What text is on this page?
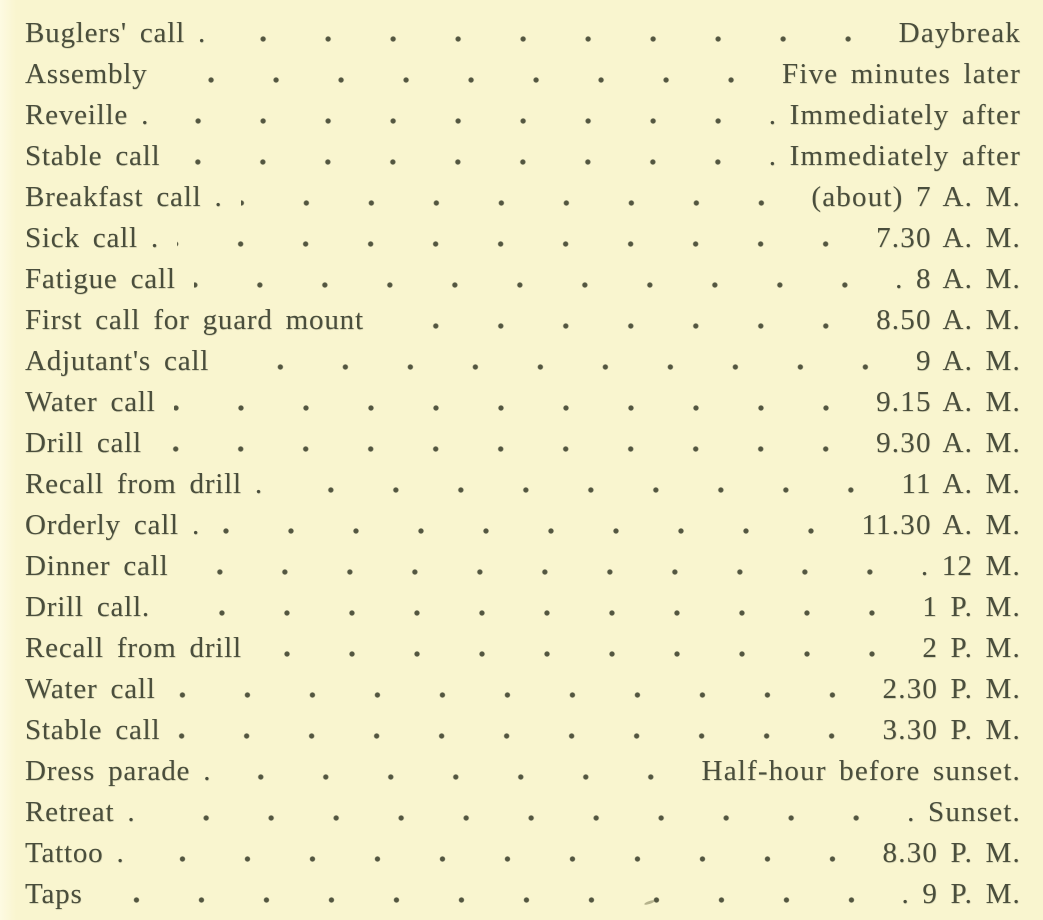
Buglers' call .	Daybreak
Assembly	Five minutes later
Reveille .	. Immediately after
Stable call	. Immediately after
Breakfast call .	(about) 7 A. M.
Sick call .	7.30 A. M.
Fatigue call	. 8 A. M.
First call for guard mount	8.50 A. M.
Adjutant's call	9 A. M.
Water call	9.15 A. M.
Drill call	9.30 A. M.
Recall from drill .	11 A. M.
Orderly call .	11.30 A. M.
Dinner call	. 12 M.
Drill call.	1 P. M.
Recall from drill	2 P. M.
Water call	2.30 P. M.
Stable call	3.30 P. M.
Dress parade .	Half-hour before sunset.
Retreat .	. Sunset.
Tattoo .	8.30 P. M.
Taps	. 9 P. M.
